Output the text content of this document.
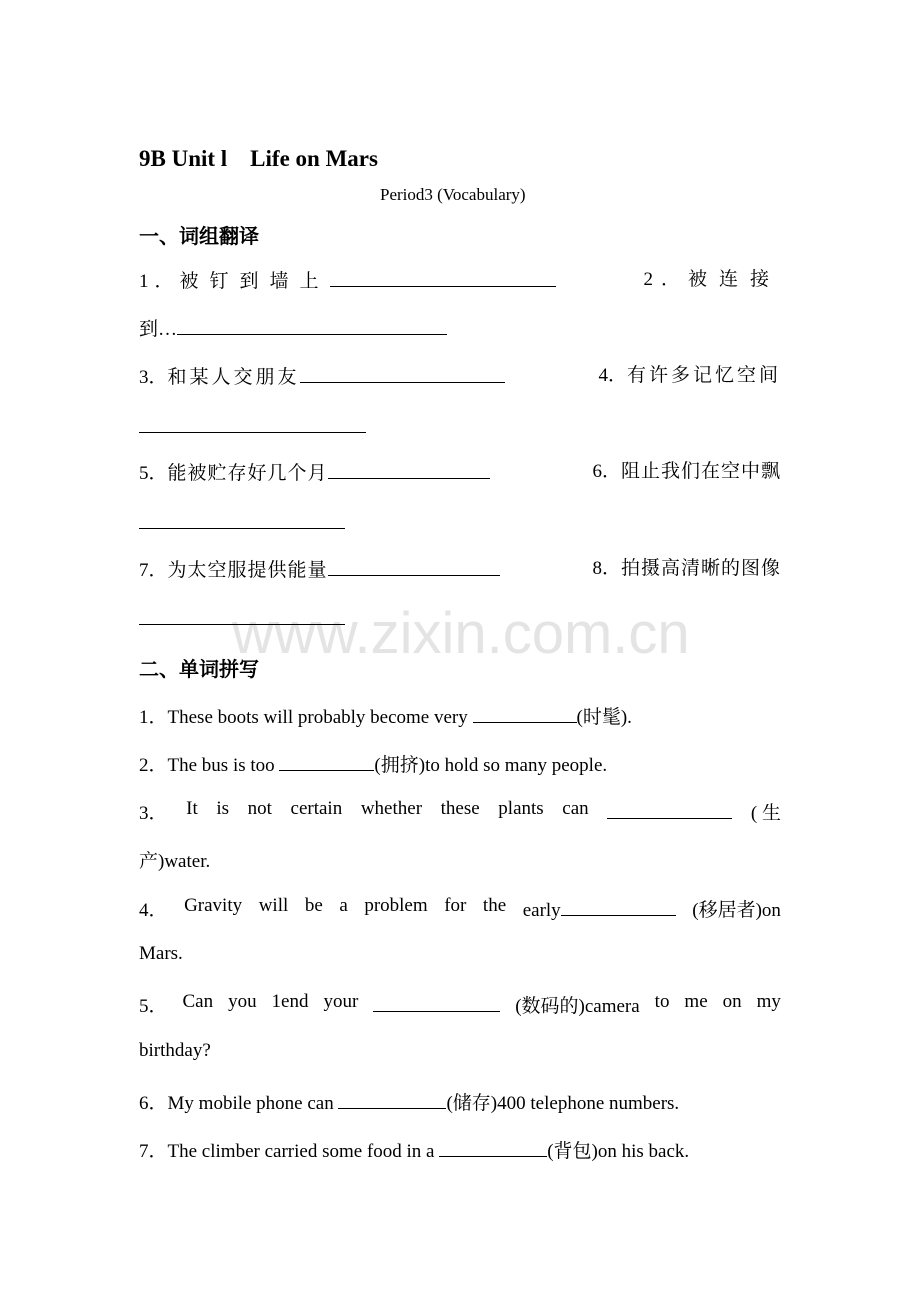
www.zixin.com.cn
9B Unit l    Life on Mars
Period3 (Vocabulary)
一、词组翻译
1．被钉到墙上	2．被连接
到…
3．和某人交朋友	4．有许多记忆空间
5．能被贮存好几个月	6．阻止我们在空中飘
7．为太空服提供能量	8．拍摄高清晰的图像
二、单词拼写
1．These boots will probably become very	(时髦).
2．The bus is too	(拥挤)to hold so many people.
3． It is not certain whether these plants can	( 生
产)water.
4． Gravity will be a problem for the early	(移居者)on
Mars.
5． Can you 1end your	(数码的)camera to me on my
birthday?
6．My mobile phone can	(储存)400 telephone numbers.
7．The climber carried some food in a	(背包)on his back.
